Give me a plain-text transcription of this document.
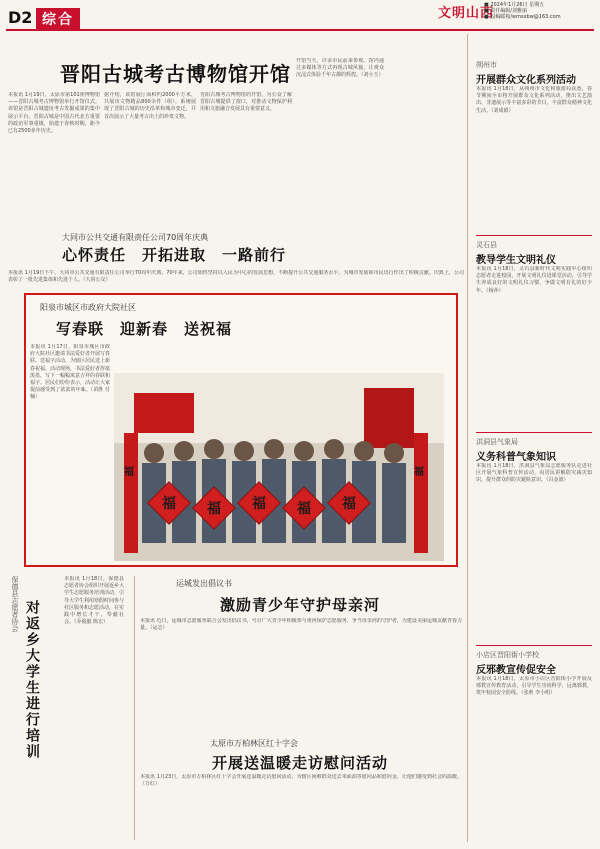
D2 综合	文明山西
■ 2024年1月26日 星期五
■ 责任编辑/刘雅丽
■ 投稿邮箱/wmsxbw@163.com
晋阳古城考古博物馆开馆
本报讯 1月19日，太原市第101座博物馆——晋阳古城考古博物馆举行开馆仪式。该馆是晋阳古城遗址考古发掘成果的集中展示平台。晋阳古城是中国古代北方重要的政治军事重镇，始建于春秋时期，距今已有2500多年历史。
据介绍，该馆展厅面积约2000平方米，共展出文物精品800余件（组），系统展现了晋阳古城的历史沿革和城市变迁，并首次展示了大量考古出土的珍贵文物。
晋阳古城考古博物馆的开馆，为公众了解晋阳古城提供了窗口，对推动文物保护利用和文旅融合发展具有重要意义。
开馆当天，许多市民前来参观。馆内通过多媒体等方式再现古城风貌，让观众沉浸式体验千年古都的辉煌。（刘小玉）
朔州市
开展群众文化系列活动
本报讯 1月18日，从朔州市文化和旅游局获悉，春节期间全市将开展群众文化系列活动，推出文艺演出、非遗展示等丰富多彩的节目，丰富群众精神文化生活。（刘成娟）
灵石县
教导学生文明礼仪
本报讯 1月18日，灵石县新时代文明实践中心组织志愿者走进校园，开展文明礼仪进课堂活动，引导学生养成良好的文明礼仪习惯，争做文明有礼的好少年。（杨萍）
洪洞县气象局
义务科普气象知识
本报讯 1月18日，洪洞县气象局志愿服务队走进社区开展气象科普宣传活动，向居民讲解防灾减灾知识，提升群众的防灾避险意识。（冯金波）
小店区晋阳街小学校
反邪教宣传促安全
本报讯 1月18日，太原市小店区晋阳街小学开展反邪教宣传教育活动，引导学生崇尚科学、远离邪教，筑牢校园安全防线。（张莉 李小明）
大同市公共交通有限责任公司70周年庆典
心怀责任　开拓进取　一路前行
本报讯 1月19日下午，大同市公共交通有限责任公司举行70周年庆典。70年来，公司始终坚持以人民为中心的发展思想，不断提升公共交通服务水平，为城市发展和市民出行作出了积极贡献。庆典上，公司表彰了一批先进集体和先进个人。（大同公交）
阳泉市城区市政府大院社区
写春联　迎新春　送祝福
本报讯 1月17日，阳泉市城区市政府大院社区邀请书法爱好者开展写春联、送福字活动，为辖区居民送上新春祝福。活动现场，书法爱好者挥毫泼墨，写下一幅幅寓意吉祥的春联和福字。居民们纷纷表示，活动让大家提前感受到了浓浓的年味。（苗胜 付楠）
福 福 福 福 福
福	福
保德县志愿者协会 对返乡大学生进行培训
本报讯 1月18日，保德县志愿者协会组织开展返乡大学生志愿服务培训活动，引导大学生利用寒假时间参与社区服务和志愿活动，在实践中增长才干、奉献社会。（乔俊毅 陈宏）
运城发出倡议书
激励青少年守护母亲河
本报讯 近日，运城市志愿服务联合会发出倡议书，号召广大青少年积极参与黄河保护志愿服务，争当母亲河的守护者，为建设美丽运城贡献青春力量。（运志）
太原市万柏林区红十字会
开展送温暖走访慰问活动
本报讯 1月23日，太原市万柏林区红十字会开展送温暖走访慰问活动，为辖区困难群众送去米面油等慰问品和慰问金，让他们感受到社会的温暖。（万红）
